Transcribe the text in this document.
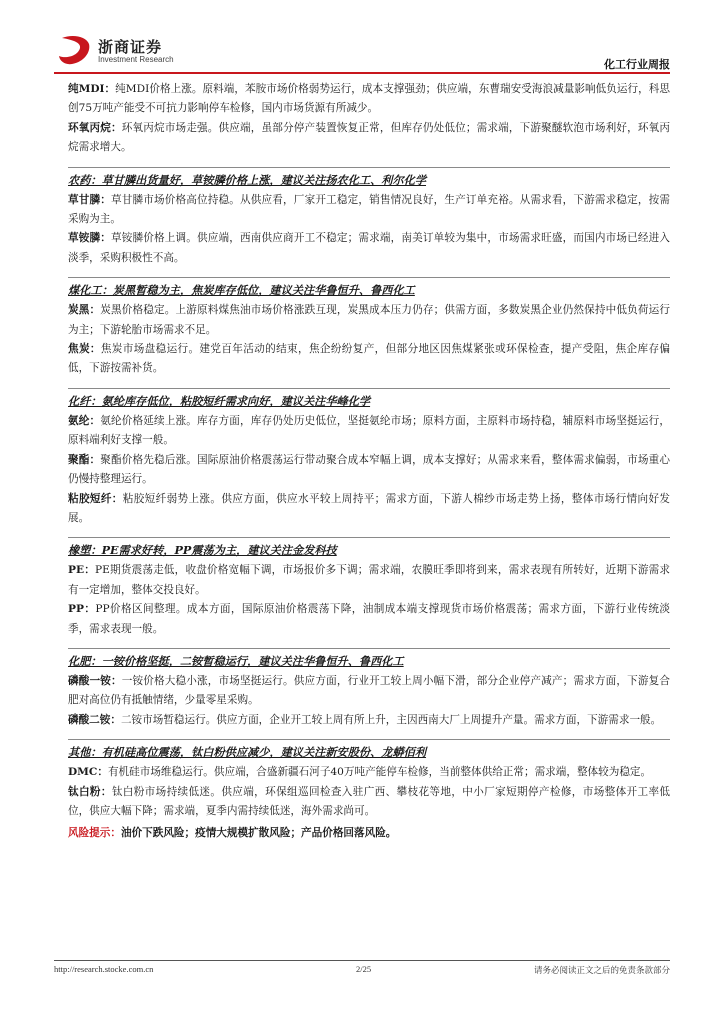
浙商证券
Investment Research	化工行业周报

纯MDI：纯MDI价格上涨。原料端，苯胺市场价格弱势运行，成本支撑强劲；供应端，东曹瑞安受海浪减量影响低负运行，科思创75万吨产能受不可抗力影响停车检修，国内市场货源有所减少。

环氧丙烷：环氧丙烷市场走强。供应端，虽部分停产装置恢复正常，但库存仍处低位；需求端，下游聚醚软泡市场利好，环氧丙烷需求增大。

农药：草甘膦出货量好，草铵膦价格上涨，建议关注扬农化工、利尔化学

草甘膦：草甘膦市场价格高位持稳。从供应看，厂家开工稳定，销售情况良好，生产订单充裕。从需求看，下游需求稳定，按需采购为主。

草铵膦：草铵膦价格上调。供应端，西南供应商开工不稳定；需求端，南美订单较为集中，市场需求旺盛，而国内市场已经进入淡季，采购积极性不高。

煤化工：炭黑暂稳为主，焦炭库存低位，建议关注华鲁恒升、鲁西化工

炭黑：炭黑价格稳定。上游原料煤焦油市场价格涨跌互现，炭黑成本压力仍存；供需方面，多数炭黑企业仍然保持中低负荷运行为主；下游轮胎市场需求不足。

焦炭：焦炭市场盘稳运行。建党百年活动的结束，焦企纷纷复产，但部分地区因焦煤紧张或环保检查，提产受阻，焦企库存偏低，下游按需补货。

化纤：氨纶库存低位，粘胶短纤需求向好，建议关注华峰化学

氨纶：氨纶价格延续上涨。库存方面，库存仍处历史低位，坚挺氨纶市场；原料方面，主原料市场持稳，辅原料市场坚挺运行，原料端利好支撑一般。

聚酯：聚酯价格先稳后涨。国际原油价格震荡运行带动聚合成本窄幅上调，成本支撑好；从需求来看，整体需求偏弱，市场重心仍慢持整理运行。

粘胶短纤：粘胶短纤弱势上涨。供应方面，供应水平较上周持平；需求方面，下游人棉纱市场走势上扬，整体市场行情向好发展。

橡塑：PE需求好转，PP震荡为主，建议关注金发科技

PE：PE期货震荡走低，收盘价格宽幅下调，市场报价多下调；需求端，农膜旺季即将到来，需求表现有所转好，近期下游需求有一定增加，整体交投良好。

PP：PP价格区间整理。成本方面，国际原油价格震荡下降，油制成本端支撑现货市场价格震荡；需求方面，下游行业传统淡季，需求表现一般。

化肥：一铵价格坚挺，二铵暂稳运行，建议关注华鲁恒升、鲁西化工

磷酸一铵：一铵价格大稳小涨，市场坚挺运行。供应方面，行业开工较上周小幅下滑，部分企业停产减产；需求方面，下游复合肥对高位仍有抵触情绪，少量零星采购。

磷酸二铵：二铵市场暂稳运行。供应方面，企业开工较上周有所上升，主因西南大厂上周提升产量。需求方面，下游需求一般。

其他：有机硅高位震荡，钛白粉供应减少，建议关注新安股份、龙蟒佰利

DMC：有机硅市场维稳运行。供应端，合盛新疆石河子40万吨产能停车检修，当前整体供给正常；需求端，整体较为稳定。

钛白粉：钛白粉市场持续低迷。供应端，环保组巡回检查入驻广西、攀枝花等地，中小厂家短期停产检修，市场整体开工率低位，供应大幅下降；需求端，夏季内需持续低迷，海外需求尚可。

风险提示：油价下跌风险；疫情大规模扩散风险；产品价格回落风险。

http://research.stocke.com.cn	2/25	请务必阅读正文之后的免责条款部分
